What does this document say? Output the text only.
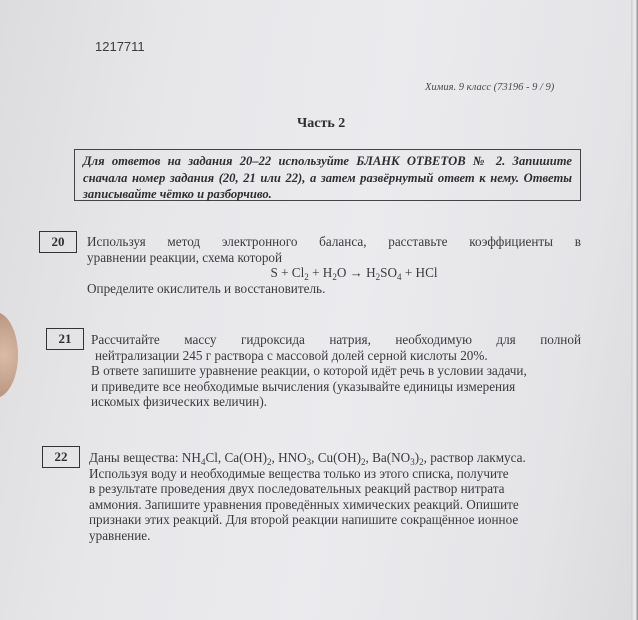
1217711
Химия. 9 класс (73196 - 9 / 9)
Часть 2
Для ответов на задания 20–22 используйте БЛАНК ОТВЕТОВ № 2. Запишите сначала номер задания (20, 21 или 22), а затем развёрнутый ответ к нему. Ответы записывайте чётко и разборчиво.
20	Используя метод электронного баланса, расставьте коэффициенты в
уравнении реакции, схема которой
$S + Cl_2 + H_2O \to H_2SO_4$ + HCl
Определите окислитель и восстановитель.
21	Рассчитайте массу гидроксида натрия, необходимую для полной
нейтрализации 245 г раствора с массовой долей серной кислоты 20%.
В ответе запишите уравнение реакции, о которой идёт речь в условии задачи,
и приведите все необходимые вычисления (указывайте единицы измерения
искомых физических величин).
22	Даны вещества: $NH_4Cl$, $Ca(OH)_2$, $HNO_3$, $Cu(OH)_2$, $Ba(NO_3)_2$, раствор лакмуса.
Используя воду и необходимые вещества только из этого списка, получите
в результате проведения двух последовательных реакций раствор нитрата
аммония. Запишите уравнения проведённых химических реакций. Опишите
признаки этих реакций. Для второй реакции напишите сокращённое ионное
уравнение.
